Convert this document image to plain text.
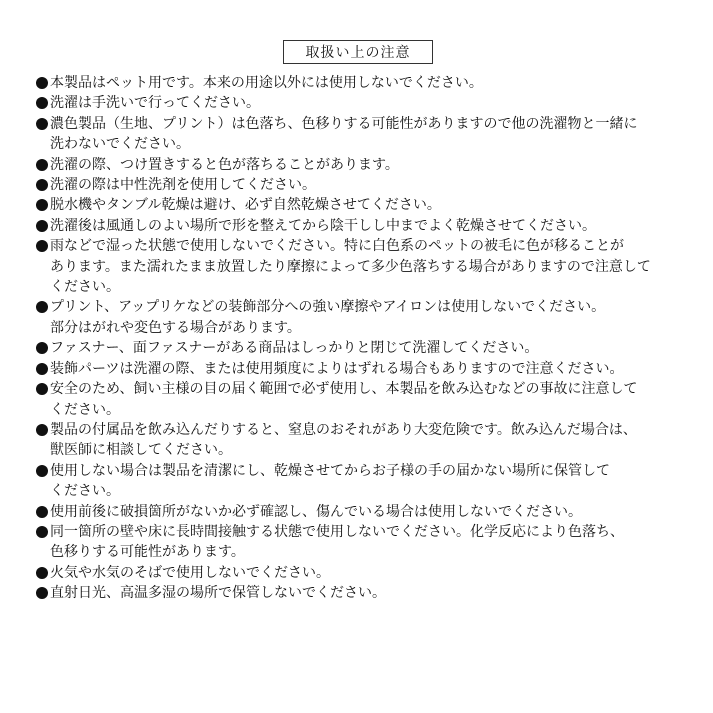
取扱い上の注意
本製品はペット用です。本来の用途以外には使用しないでください。
洗濯は手洗いで行ってください。
濃色製品（生地、プリント）は色落ち、色移りする可能性がありますので他の洗濯物と一緒に
洗わないでください。
洗濯の際、つけ置きすると色が落ちることがあります。
洗濯の際は中性洗剤を使用してください。
脱水機やタンブル乾燥は避け、必ず自然乾燥させてください。
洗濯後は風通しのよい場所で形を整えてから陰干しし中までよく乾燥させてください。
雨などで湿った状態で使用しないでください。特に白色系のペットの被毛に色が移ることが
あります。また濡れたまま放置したり摩擦によって多少色落ちする場合がありますので注意して
ください。
プリント、アップリケなどの装飾部分への強い摩擦やアイロンは使用しないでください。
部分はがれや変色する場合があります。
ファスナー、面ファスナーがある商品はしっかりと閉じて洗濯してください。
装飾パーツは洗濯の際、または使用頻度によりはずれる場合もありますので注意ください。
安全のため、飼い主様の目の届く範囲で必ず使用し、本製品を飲み込むなどの事故に注意して
ください。
製品の付属品を飲み込んだりすると、窒息のおそれがあり大変危険です。飲み込んだ場合は、
獣医師に相談してください。
使用しない場合は製品を清潔にし、乾燥させてからお子様の手の届かない場所に保管して
ください。
使用前後に破損箇所がないか必ず確認し、傷んでいる場合は使用しないでください。
同一箇所の壁や床に長時間接触する状態で使用しないでください。化学反応により色落ち、
色移りする可能性があります。
火気や水気のそばで使用しないでください。
直射日光、高温多湿の場所で保管しないでください。
